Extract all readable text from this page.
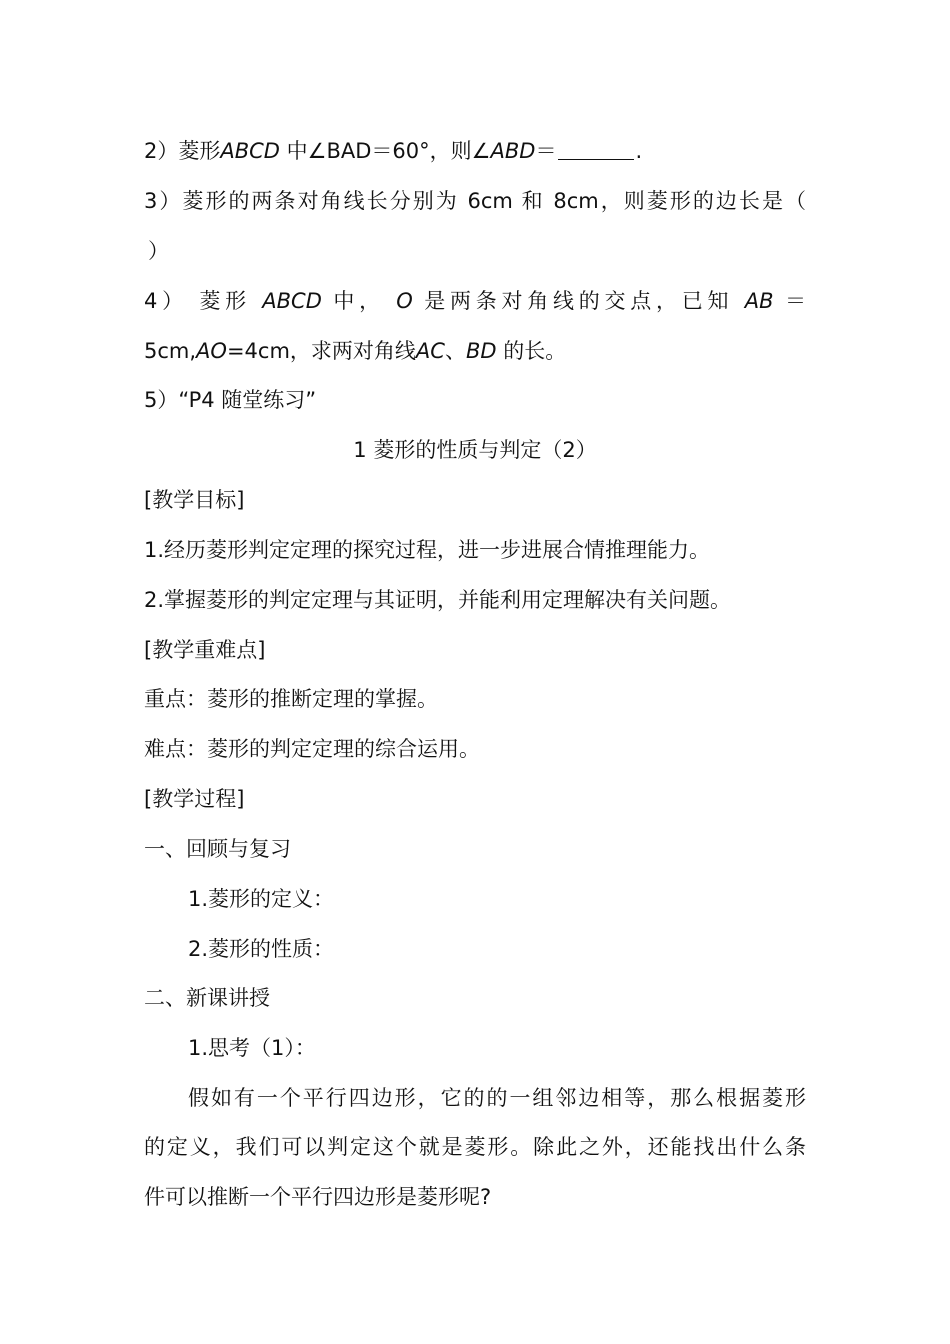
2）菱形ABCD 中∠BAD＝60°，则∠ABD＝	.
3）菱形的两条对角线长分别为 6cm 和 8cm，则菱形的边长是（
）
4） 菱形 ABCD 中， O 是两条对角线的交点，已知 AB ＝
5cm,AO=4cm，求两对角线AC、BD 的长。
5）“P4 随堂练习”
1 菱形的性质与判定（2）
[教学目标]
1.经历菱形判定定理的探究过程，进一步进展合情推理能力。
2.掌握菱形的判定定理与其证明，并能利用定理解决有关问题。
[教学重难点]
重点：菱形的推断定理的掌握。
难点：菱形的判定定理的综合运用。
[教学过程]
一、回顾与复习
1.菱形的定义：
2.菱形的性质：
二、新课讲授
1.思考（1）：
假如有一个平行四边形，它的的一组邻边相等，那么根据菱形
的定义，我们可以判定这个就是菱形。除此之外，还能找出什么条
件可以推断一个平行四边形是菱形呢?
